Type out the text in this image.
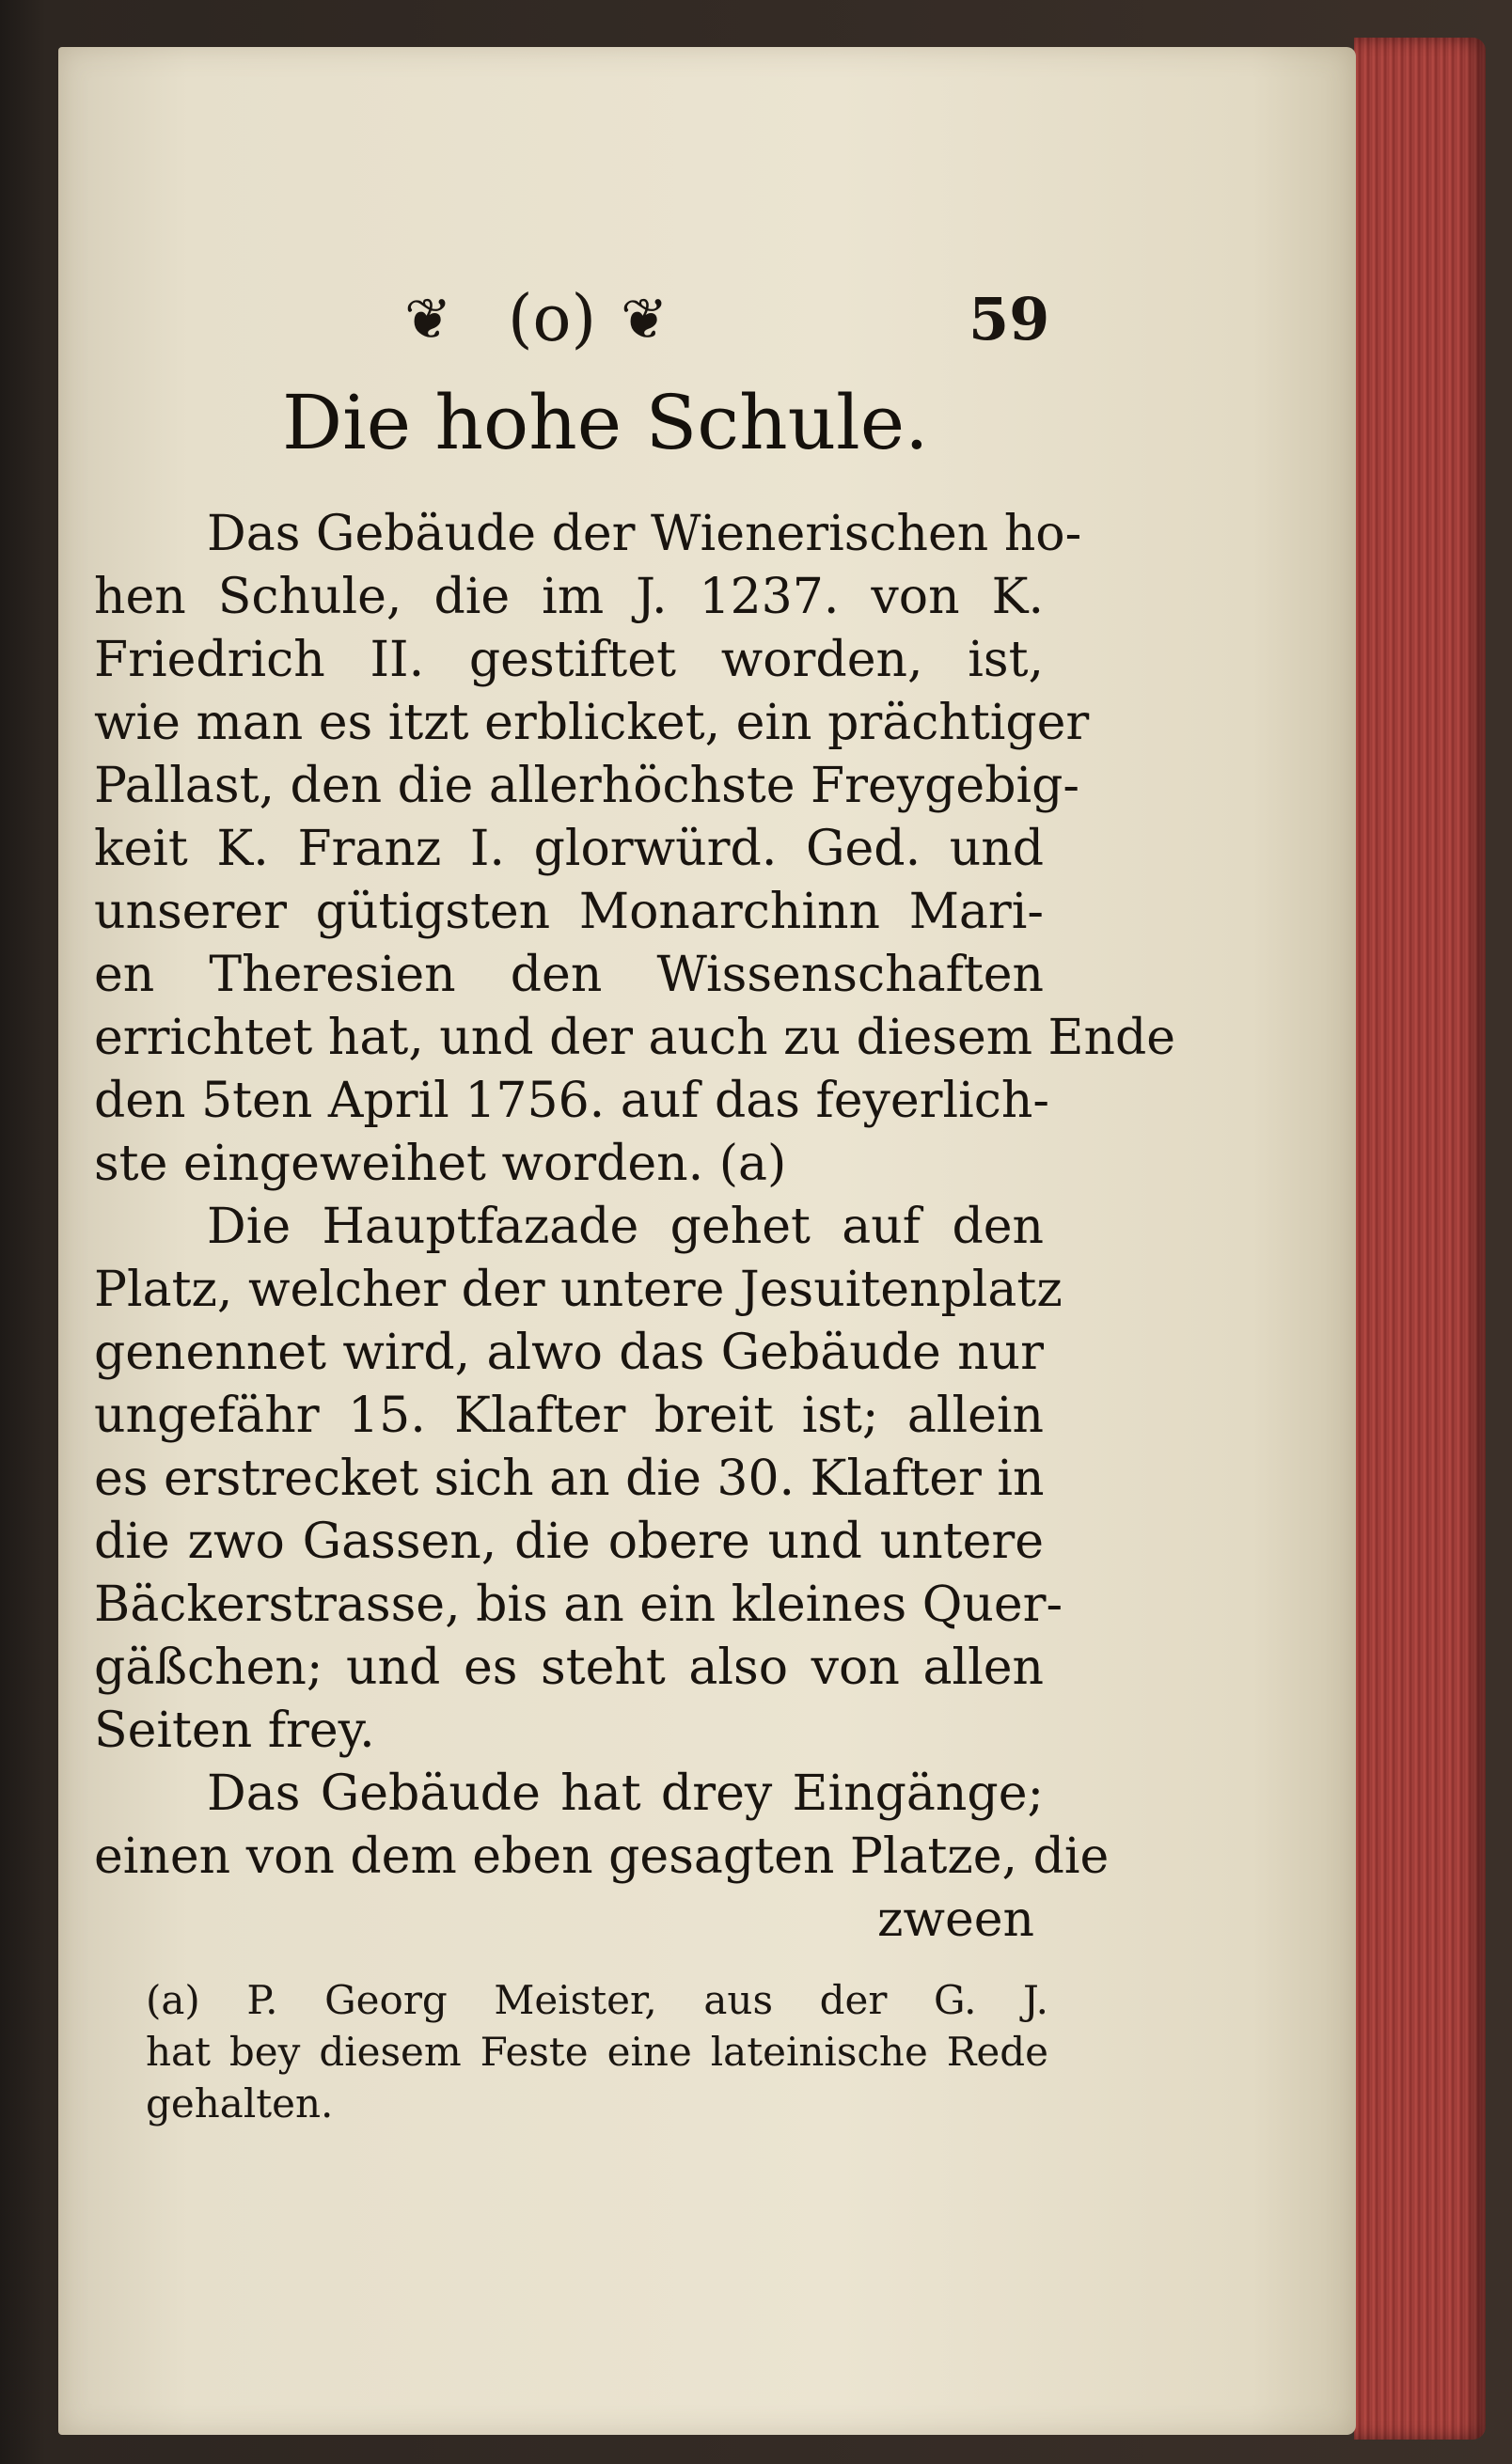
❦ (o) ❦	59
Die hohe Schule.
Das Gebäude der Wienerischen ho-
hen Schule, die im J. 1237. von K.
Friedrich II. gestiftet worden, ist,
wie man es itzt erblicket, ein prächtiger
Pallast, den die allerhöchste Freygebig-
keit K. Franz I. glorwürd. Ged. und
unserer gütigsten Monarchinn Mari-
en Theresien den Wissenschaften
errichtet hat, und der auch zu diesem Ende
den 5ten April 1756. auf das feyerlich-
ste eingeweihet worden. (a)
Die Hauptfazade gehet auf den
Platz, welcher der untere Jesuitenplatz
genennet wird, alwo das Gebäude nur
ungefähr 15. Klafter breit ist; allein
es erstrecket sich an die 30. Klafter in
die zwo Gassen, die obere und untere
Bäckerstrasse, bis an ein kleines Quer-
gäßchen; und es steht also von allen
Seiten frey.
Das Gebäude hat drey Eingänge;
einen von dem eben gesagten Platze, die
zween
(a) P. Georg Meister, aus der G. J.
hat bey diesem Feste eine lateinische Rede
gehalten.
